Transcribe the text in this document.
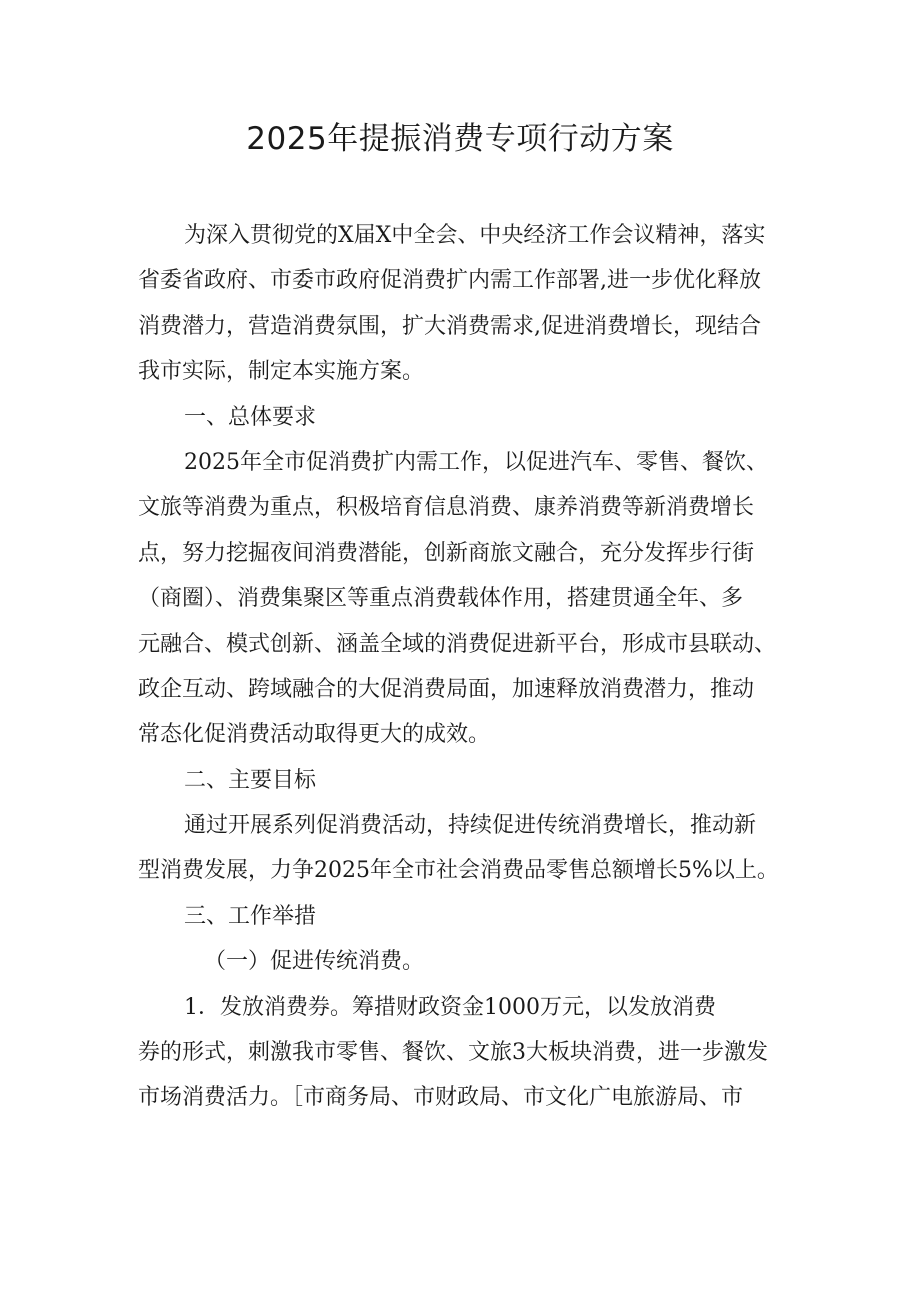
2025年提振消费专项行动方案

为深入贯彻党的X届X中全会、中央经济工作会议精神，落实

省委省政府、市委市政府促消费扩内需工作部署,进一步优化释放

消费潜力，营造消费氛围，扩大消费需求,促进消费增长，现结合

我市实际，制定本实施方案。

一、总体要求

2025年全市促消费扩内需工作，以促进汽车、零售、餐饮、

文旅等消费为重点，积极培育信息消费、康养消费等新消费增长

点，努力挖掘夜间消费潜能，创新商旅文融合，充分发挥步行街

（商圈）、消费集聚区等重点消费载体作用，搭建贯通全年、多

元融合、模式创新、涵盖全域的消费促进新平台，形成市县联动、

政企互动、跨域融合的大促消费局面，加速释放消费潜力，推动

常态化促消费活动取得更大的成效。

二、主要目标

通过开展系列促消费活动，持续促进传统消费增长，推动新

型消费发展，力争2025年全市社会消费品零售总额增长5%以上。

三、工作举措

（一）促进传统消费。

1．发放消费券。筹措财政资金1000万元，以发放消费

券的形式，刺激我市零售、餐饮、文旅3大板块消费，进一步激发

市场消费活力。［市商务局、市财政局、市文化广电旅游局、市
